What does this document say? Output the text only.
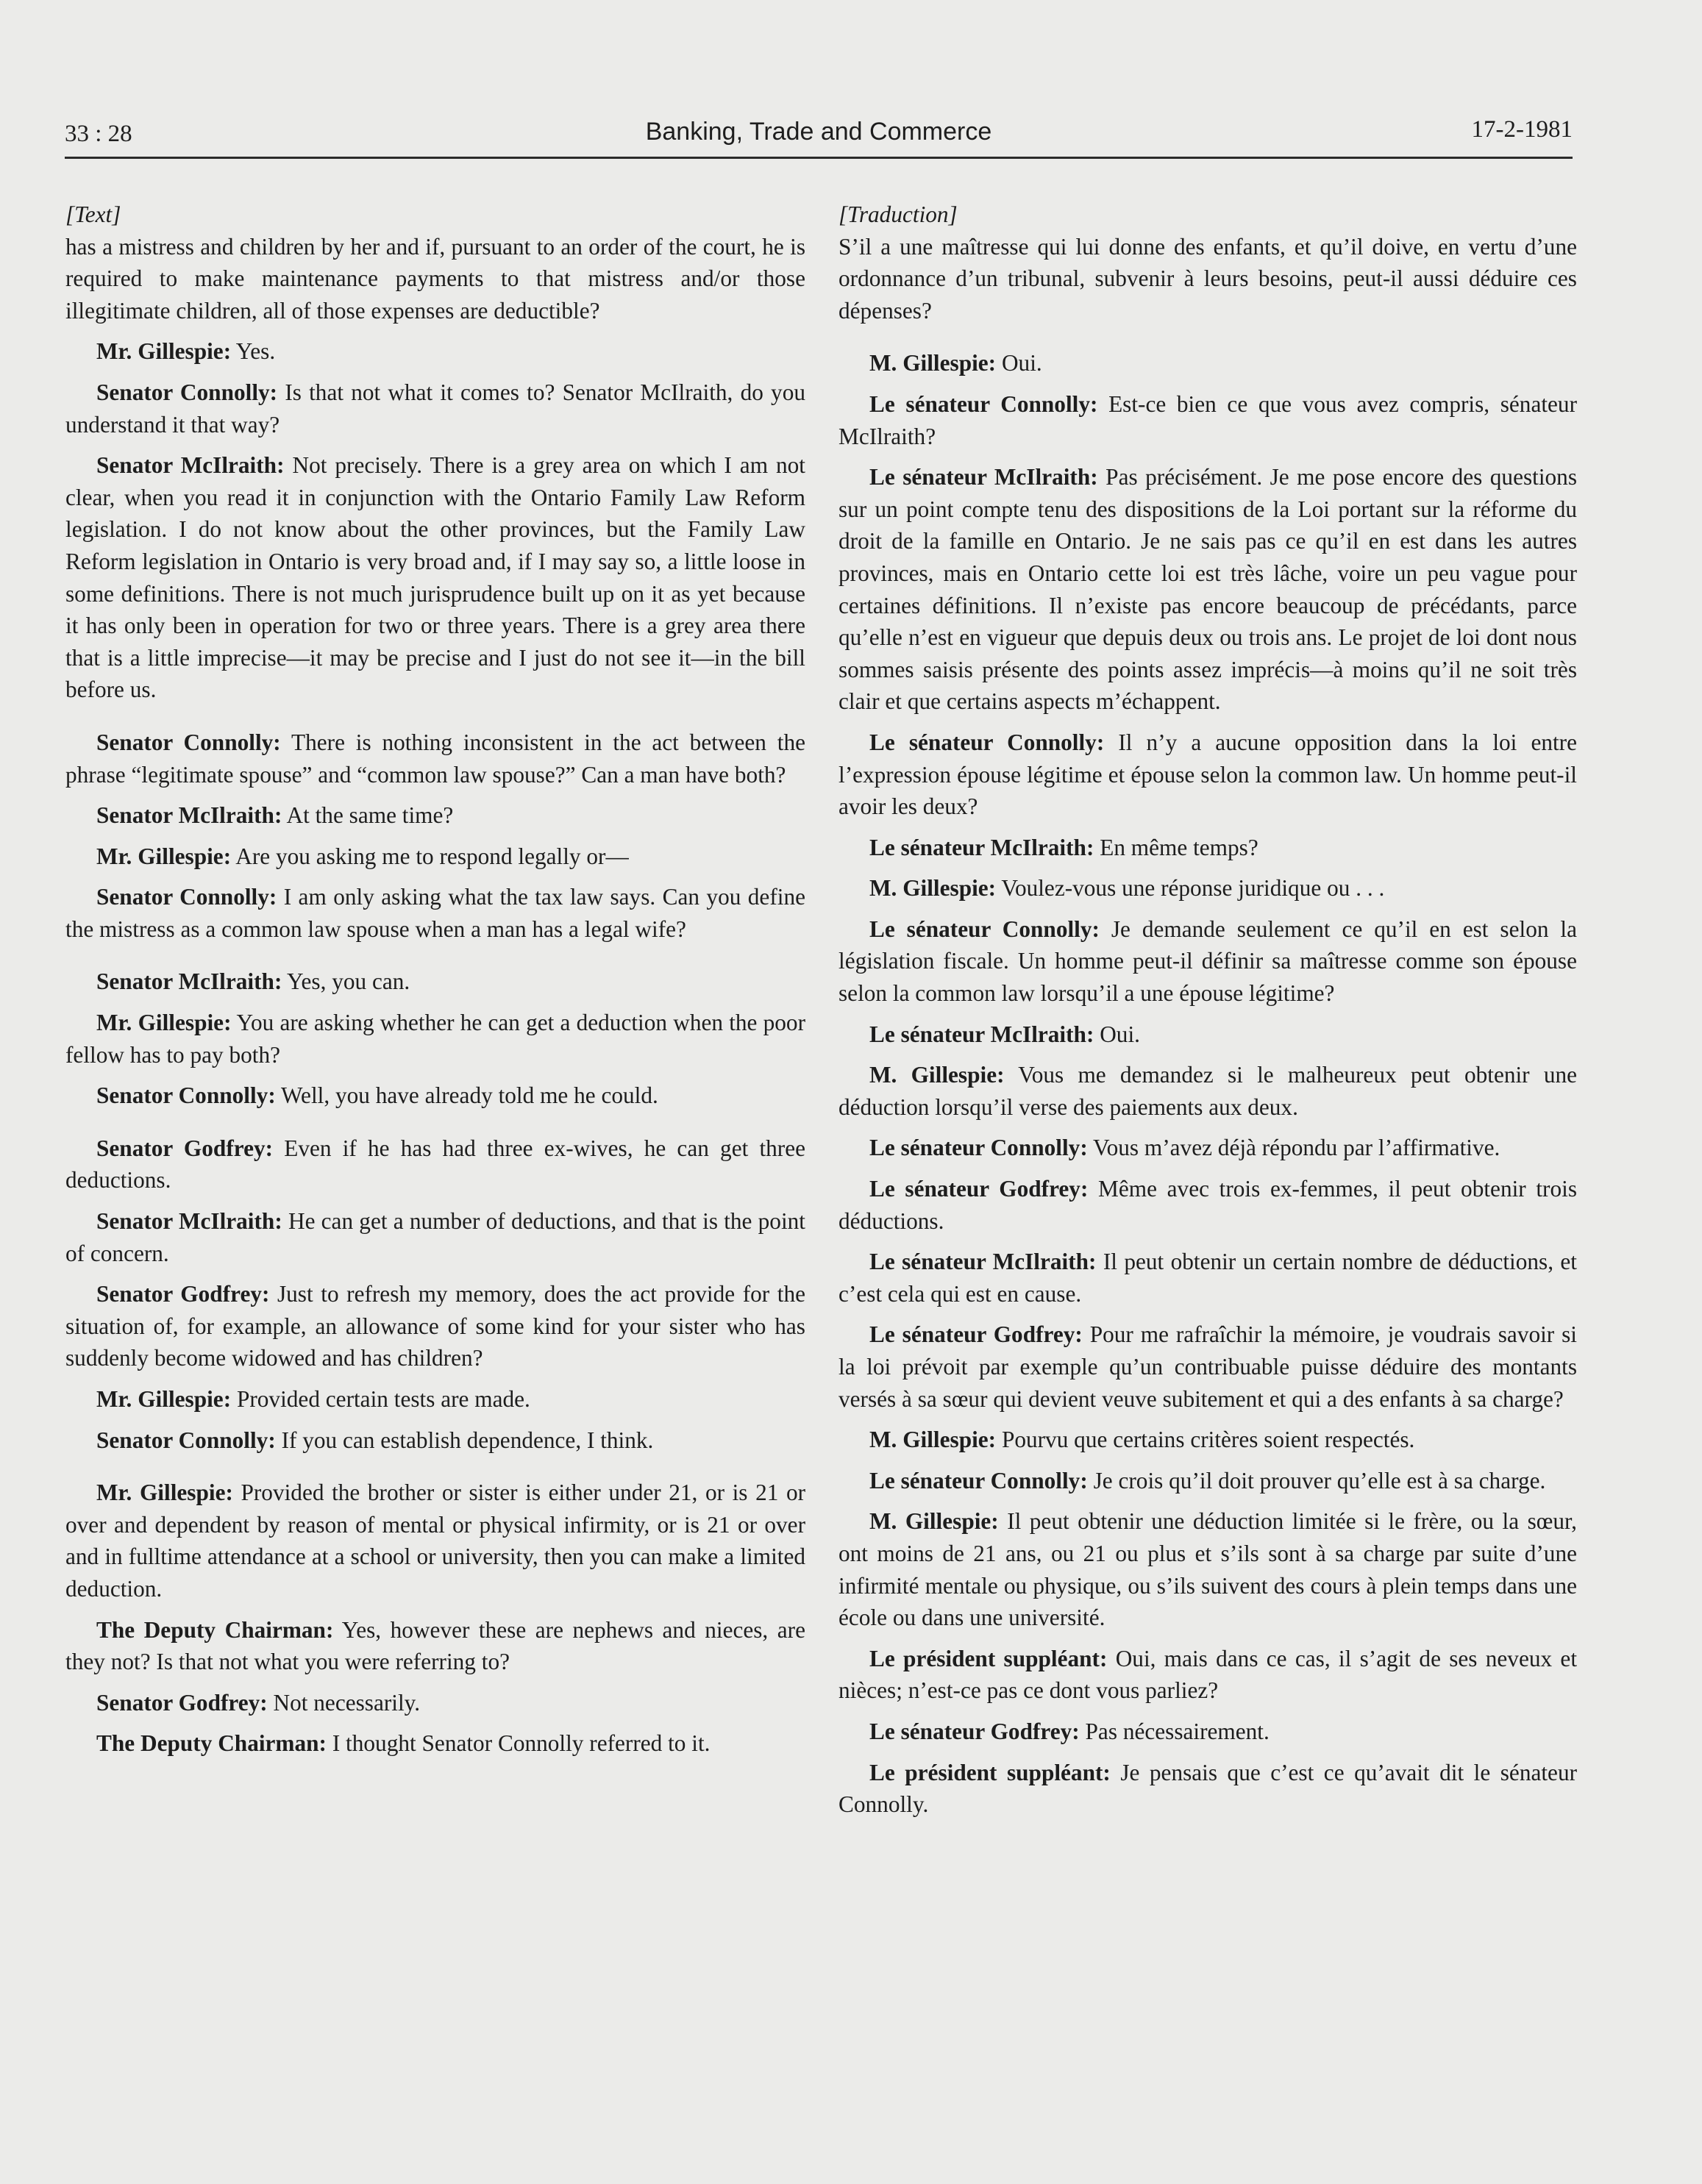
33 : 28	Banking, Trade and Commerce	17-2-1981
[Text]

has a mistress and children by her and if, pursuant to an order of the court, he is required to make maintenance payments to that mistress and/or those illegitimate children, all of those expenses are deductible?

Mr. Gillespie: Yes.

Senator Connolly: Is that not what it comes to? Senator McIlraith, do you understand it that way?

Senator McIlraith: Not precisely. There is a grey area on which I am not clear, when you read it in conjunction with the Ontario Family Law Reform legislation. I do not know about the other provinces, but the Family Law Reform legislation in Ontario is very broad and, if I may say so, a little loose in some definitions. There is not much jurisprudence built up on it as yet because it has only been in operation for two or three years. There is a grey area there that is a little imprecise—it may be precise and I just do not see it—in the bill before us.

Senator Connolly: There is nothing inconsistent in the act between the phrase “legitimate spouse” and “common law spouse?” Can a man have both?

Senator McIlraith: At the same time?

Mr. Gillespie: Are you asking me to respond legally or—

Senator Connolly: I am only asking what the tax law says. Can you define the mistress as a common law spouse when a man has a legal wife?

Senator McIlraith: Yes, you can.

Mr. Gillespie: You are asking whether he can get a deduction when the poor fellow has to pay both?

Senator Connolly: Well, you have already told me he could.

Senator Godfrey: Even if he has had three ex-wives, he can get three deductions.

Senator McIlraith: He can get a number of deductions, and that is the point of concern.

Senator Godfrey: Just to refresh my memory, does the act provide for the situation of, for example, an allowance of some kind for your sister who has suddenly become widowed and has children?

Mr. Gillespie: Provided certain tests are made.

Senator Connolly: If you can establish dependence, I think.

Mr. Gillespie: Provided the brother or sister is either under 21, or is 21 or over and dependent by reason of mental or physical infirmity, or is 21 or over and in fulltime attendance at a school or university, then you can make a limited deduction.

The Deputy Chairman: Yes, however these are nephews and nieces, are they not? Is that not what you were referring to?

Senator Godfrey: Not necessarily.

The Deputy Chairman: I thought Senator Connolly referred to it.

[Traduction]

S’il a une maîtresse qui lui donne des enfants, et qu’il doive, en vertu d’une ordonnance d’un tribunal, subvenir à leurs besoins, peut-il aussi déduire ces dépenses?

M. Gillespie: Oui.

Le sénateur Connolly: Est-ce bien ce que vous avez compris, sénateur McIlraith?

Le sénateur McIlraith: Pas précisément. Je me pose encore des questions sur un point compte tenu des dispositions de la Loi portant sur la réforme du droit de la famille en Ontario. Je ne sais pas ce qu’il en est dans les autres provinces, mais en Ontario cette loi est très lâche, voire un peu vague pour certaines définitions. Il n’existe pas encore beaucoup de précédants, parce qu’elle n’est en vigueur que depuis deux ou trois ans. Le projet de loi dont nous sommes saisis présente des points assez imprécis—à moins qu’il ne soit très clair et que certains aspects m’échappent.

Le sénateur Connolly: Il n’y a aucune opposition dans la loi entre l’expression épouse légitime et épouse selon la common law. Un homme peut-il avoir les deux?

Le sénateur McIlraith: En même temps?

M. Gillespie: Voulez-vous une réponse juridique ou . . .

Le sénateur Connolly: Je demande seulement ce qu’il en est selon la législation fiscale. Un homme peut-il définir sa maîtresse comme son épouse selon la common law lorsqu’il a une épouse légitime?

Le sénateur McIlraith: Oui.

M. Gillespie: Vous me demandez si le malheureux peut obtenir une déduction lorsqu’il verse des paiements aux deux.

Le sénateur Connolly: Vous m’avez déjà répondu par l’affirmative.

Le sénateur Godfrey: Même avec trois ex-femmes, il peut obtenir trois déductions.

Le sénateur McIlraith: Il peut obtenir un certain nombre de déductions, et c’est cela qui est en cause.

Le sénateur Godfrey: Pour me rafraîchir la mémoire, je voudrais savoir si la loi prévoit par exemple qu’un contribuable puisse déduire des montants versés à sa sœur qui devient veuve subitement et qui a des enfants à sa charge?

M. Gillespie: Pourvu que certains critères soient respectés.

Le sénateur Connolly: Je crois qu’il doit prouver qu’elle est à sa charge.

M. Gillespie: Il peut obtenir une déduction limitée si le frère, ou la sœur, ont moins de 21 ans, ou 21 ou plus et s’ils sont à sa charge par suite d’une infirmité mentale ou physique, ou s’ils suivent des cours à plein temps dans une école ou dans une université.

Le président suppléant: Oui, mais dans ce cas, il s’agit de ses neveux et nièces; n’est-ce pas ce dont vous parliez?

Le sénateur Godfrey: Pas nécessairement.

Le président suppléant: Je pensais que c’est ce qu’avait dit le sénateur Connolly.
